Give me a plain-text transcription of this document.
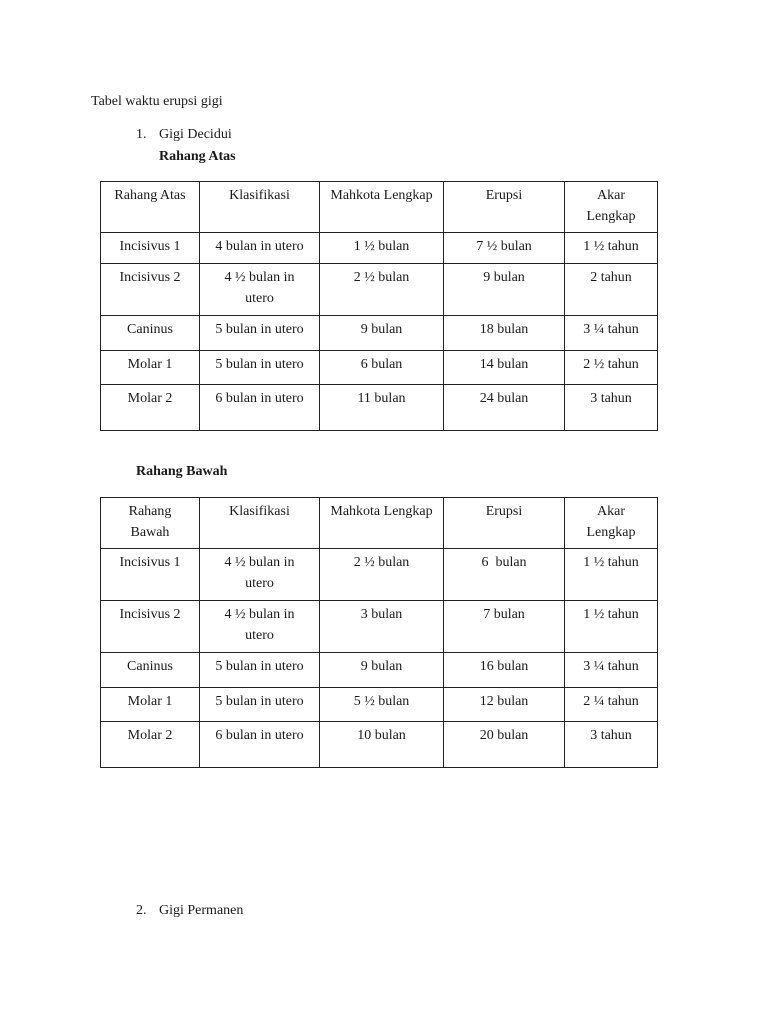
Tabel waktu erupsi gigi
1. Gigi Decidui
Rahang Atas
Rahang Atas	Klasifikasi	Mahkota Lengkap	Erupsi	Akar Lengkap
Incisivus 1	4 bulan in utero	1 ½ bulan	7 ½ bulan	1 ½ tahun
Incisivus 2	4 ½ bulan in utero	2 ½ bulan	9 bulan	2 tahun
Caninus	5 bulan in utero	9 bulan	18 bulan	3 ¼ tahun
Molar 1	5 bulan in utero	6 bulan	14 bulan	2 ½ tahun
Molar 2	6 bulan in utero	11 bulan	24 bulan	3 tahun
Rahang Bawah
Rahang Bawah	Klasifikasi	Mahkota Lengkap	Erupsi	Akar Lengkap
Incisivus 1	4 ½ bulan in utero	2 ½ bulan	6  bulan	1 ½ tahun
Incisivus 2	4 ½ bulan in utero	3 bulan	7 bulan	1 ½ tahun
Caninus	5 bulan in utero	9 bulan	16 bulan	3 ¼ tahun
Molar 1	5 bulan in utero	5 ½ bulan	12 bulan	2 ¼ tahun
Molar 2	6 bulan in utero	10 bulan	20 bulan	3 tahun
2. Gigi Permanen
